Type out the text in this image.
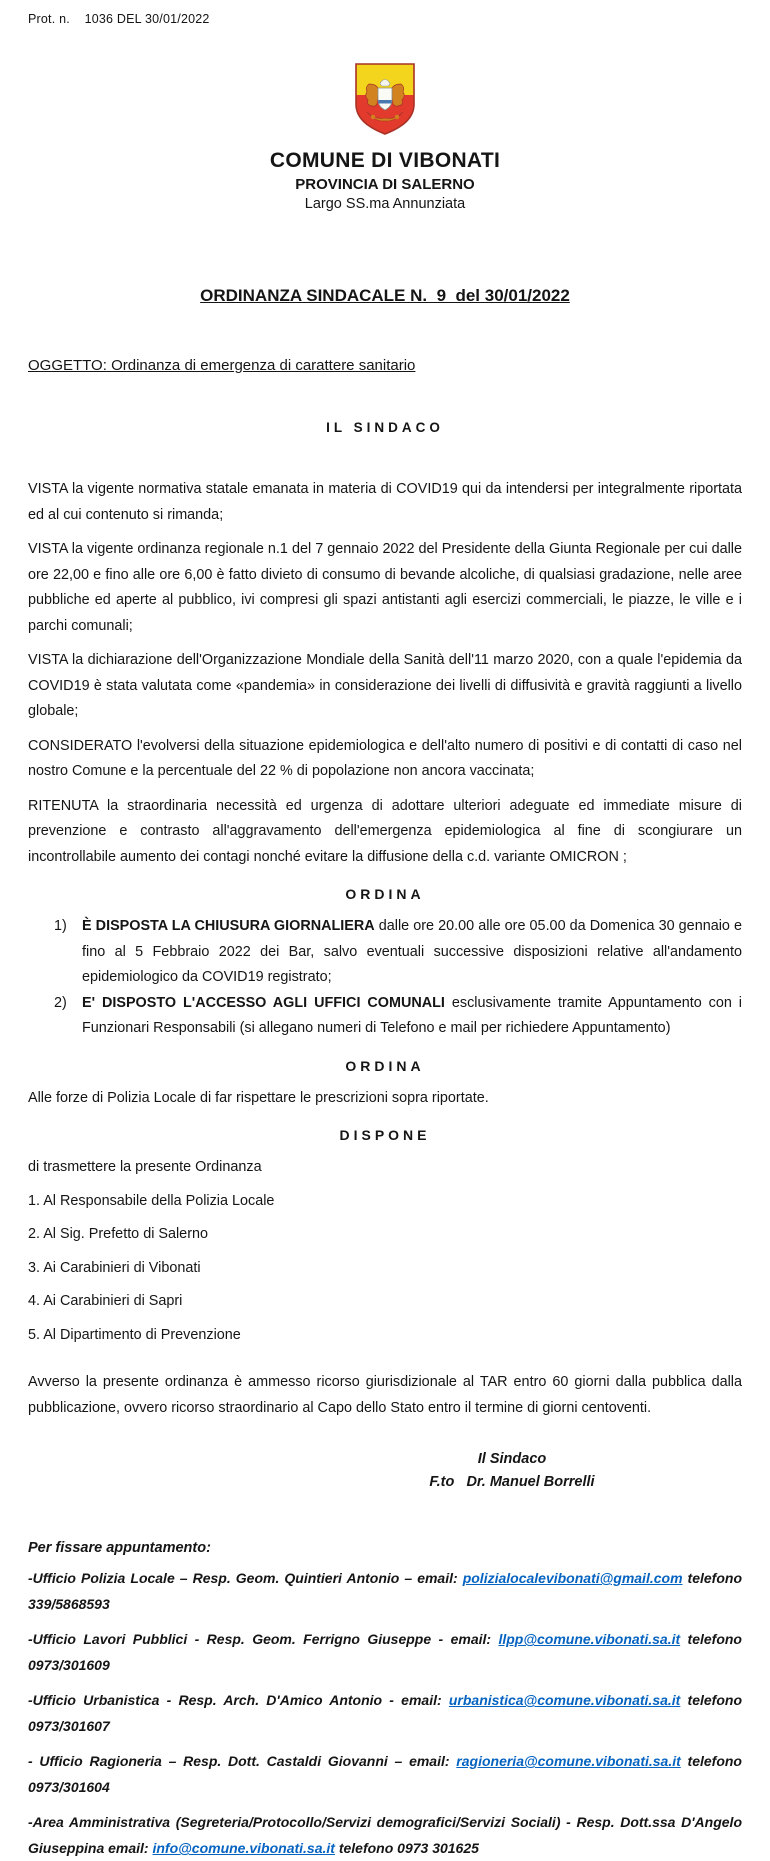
Prot. n.    1036 DEL 30/01/2022
COMUNE DI VIBONATI
PROVINCIA DI SALERNO
Largo SS.ma Annunziata
ORDINANZA SINDACALE N.  9  del 30/01/2022
OGGETTO: Ordinanza di emergenza di carattere sanitario
IL SINDACO

VISTA la vigente normativa statale emanata in materia di COVID19 qui da intendersi per integralmente riportata ed al cui contenuto si rimanda;

VISTA la vigente ordinanza regionale n.1 del 7 gennaio 2022 del Presidente della Giunta Regionale per cui dalle ore 22,00 e fino alle ore 6,00 è fatto divieto di consumo di bevande alcoliche, di qualsiasi gradazione, nelle aree pubbliche ed aperte al pubblico, ivi compresi gli spazi antistanti agli esercizi commerciali, le piazze, le ville e i parchi comunali;

VISTA la dichiarazione dell'Organizzazione Mondiale della Sanità dell'11 marzo 2020, con a quale l'epidemia da COVID19 è stata valutata come «pandemia» in considerazione dei livelli di diffusività e gravità raggiunti a livello globale;

CONSIDERATO l'evolversi della situazione epidemiologica e dell'alto numero di positivi e di contatti di caso nel nostro Comune e la percentuale del 22 % di popolazione non ancora vaccinata;

RITENUTA la straordinaria necessità ed urgenza di adottare ulteriori adeguate ed immediate misure di prevenzione e contrasto all'aggravamento dell'emergenza epidemiologica al fine di scongiurare un incontrollabile aumento dei contagi nonché evitare la diffusione della c.d. variante OMICRON ;

ORDINA
1)	È DISPOSTA LA CHIUSURA GIORNALIERA dalle ore 20.00 alle ore 05.00 da Domenica 30 gennaio e fino al 5 Febbraio 2022 dei Bar, salvo eventuali successive disposizioni relative all'andamento epidemiologico da COVID19 registrato;
2)	E' DISPOSTO L'ACCESSO AGLI UFFICI COMUNALI esclusivamente tramite Appuntamento con i Funzionari Responsabili (si allegano numeri di Telefono e mail per richiedere Appuntamento)
ORDINA

Alle forze di Polizia Locale di far rispettare le prescrizioni sopra riportate.

DISPONE
di trasmettere la presente Ordinanza
1. Al Responsabile della Polizia Locale
2. Al Sig. Prefetto di Salerno
3. Ai Carabinieri di Vibonati
4. Ai Carabinieri di Sapri
5. Al Dipartimento di Prevenzione

Avverso la presente ordinanza è ammesso ricorso giurisdizionale al TAR entro 60 giorni dalla pubblica dalla pubblicazione, ovvero ricorso straordinario al Capo dello Stato entro il termine di giorni centoventi.

Il Sindaco
F.to   Dr. Manuel Borrelli
Per fissare appuntamento:

-Ufficio Polizia Locale – Resp. Geom. Quintieri Antonio – email: polizialocalevibonati@gmail.com telefono 339/5868593

-Ufficio Lavori Pubblici - Resp. Geom. Ferrigno Giuseppe - email: llpp@comune.vibonati.sa.it telefono 0973/301609

-Ufficio Urbanistica - Resp. Arch. D'Amico Antonio - email: urbanistica@comune.vibonati.sa.it telefono 0973/301607

- Ufficio Ragioneria – Resp. Dott. Castaldi Giovanni – email: ragioneria@comune.vibonati.sa.it telefono 0973/301604

-Area Amministrativa (Segreteria/Protocollo/Servizi demografici/Servizi Sociali) - Resp. Dott.ssa D'Angelo Giuseppina email: info@comune.vibonati.sa.it telefono 0973 301625
